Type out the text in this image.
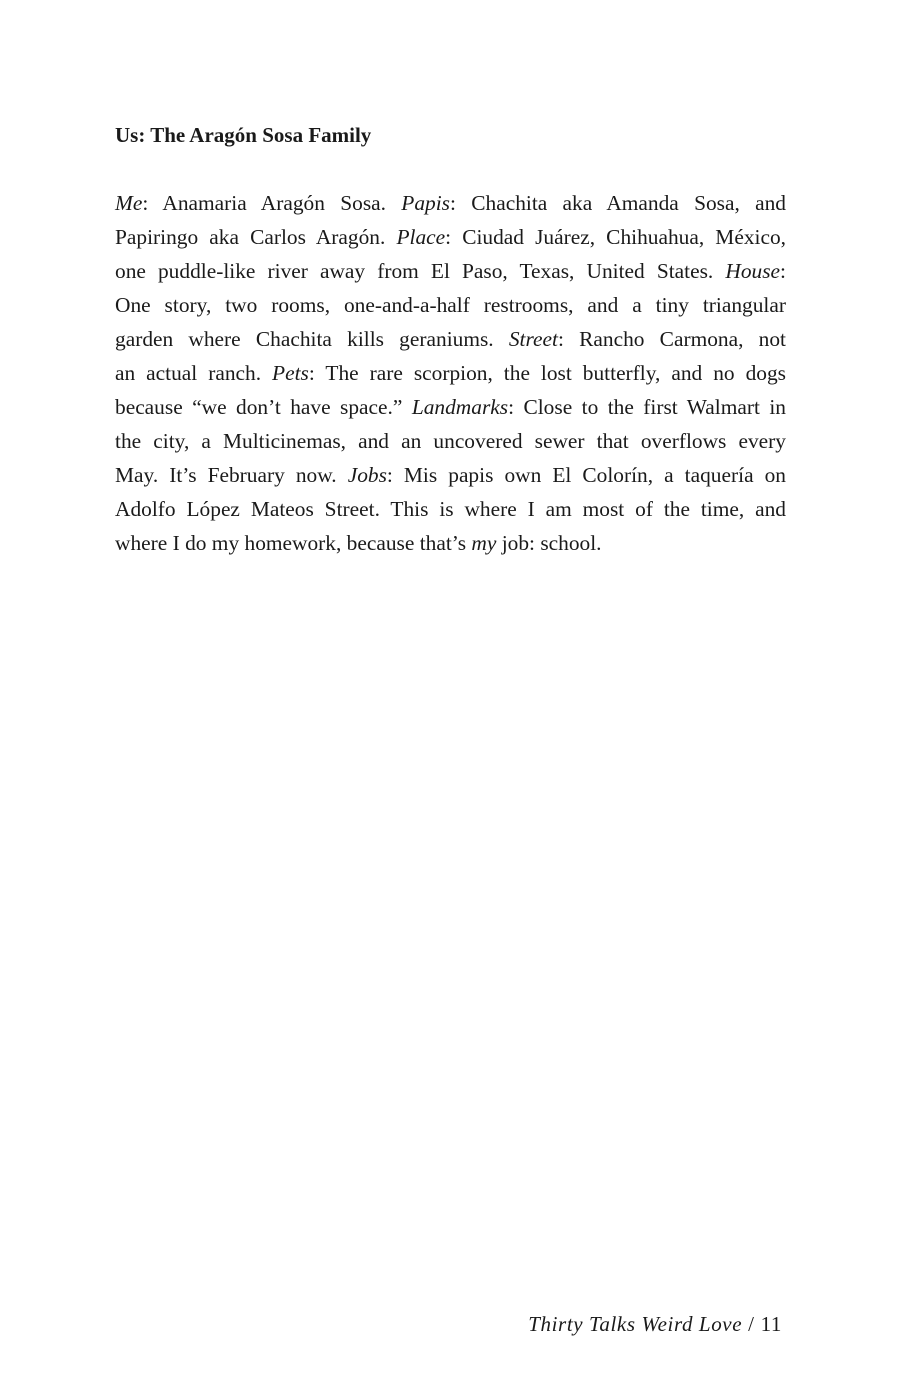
Us: The Aragón Sosa Family

Me: Anamaria Aragón Sosa. Papis: Chachita aka Amanda Sosa, and
Papiringo aka Carlos Aragón. Place: Ciudad Juárez, Chihuahua, México,
one puddle-like river away from El Paso, Texas, United States. House:
One story, two rooms, one-and-a-half restrooms, and a tiny triangular
garden where Chachita kills geraniums. Street: Rancho Carmona, not
an actual ranch. Pets: The rare scorpion, the lost butterfly, and no dogs
because “we don’t have space.” Landmarks: Close to the first Walmart in
the city, a Multicinemas, and an uncovered sewer that overflows every
May. It’s February now. Jobs: Mis papis own El Colorín, a taquería on
Adolfo López Mateos Street. This is where I am most of the time, and
where I do my homework, because that’s my job: school.

Thirty Talks Weird Love / 11
